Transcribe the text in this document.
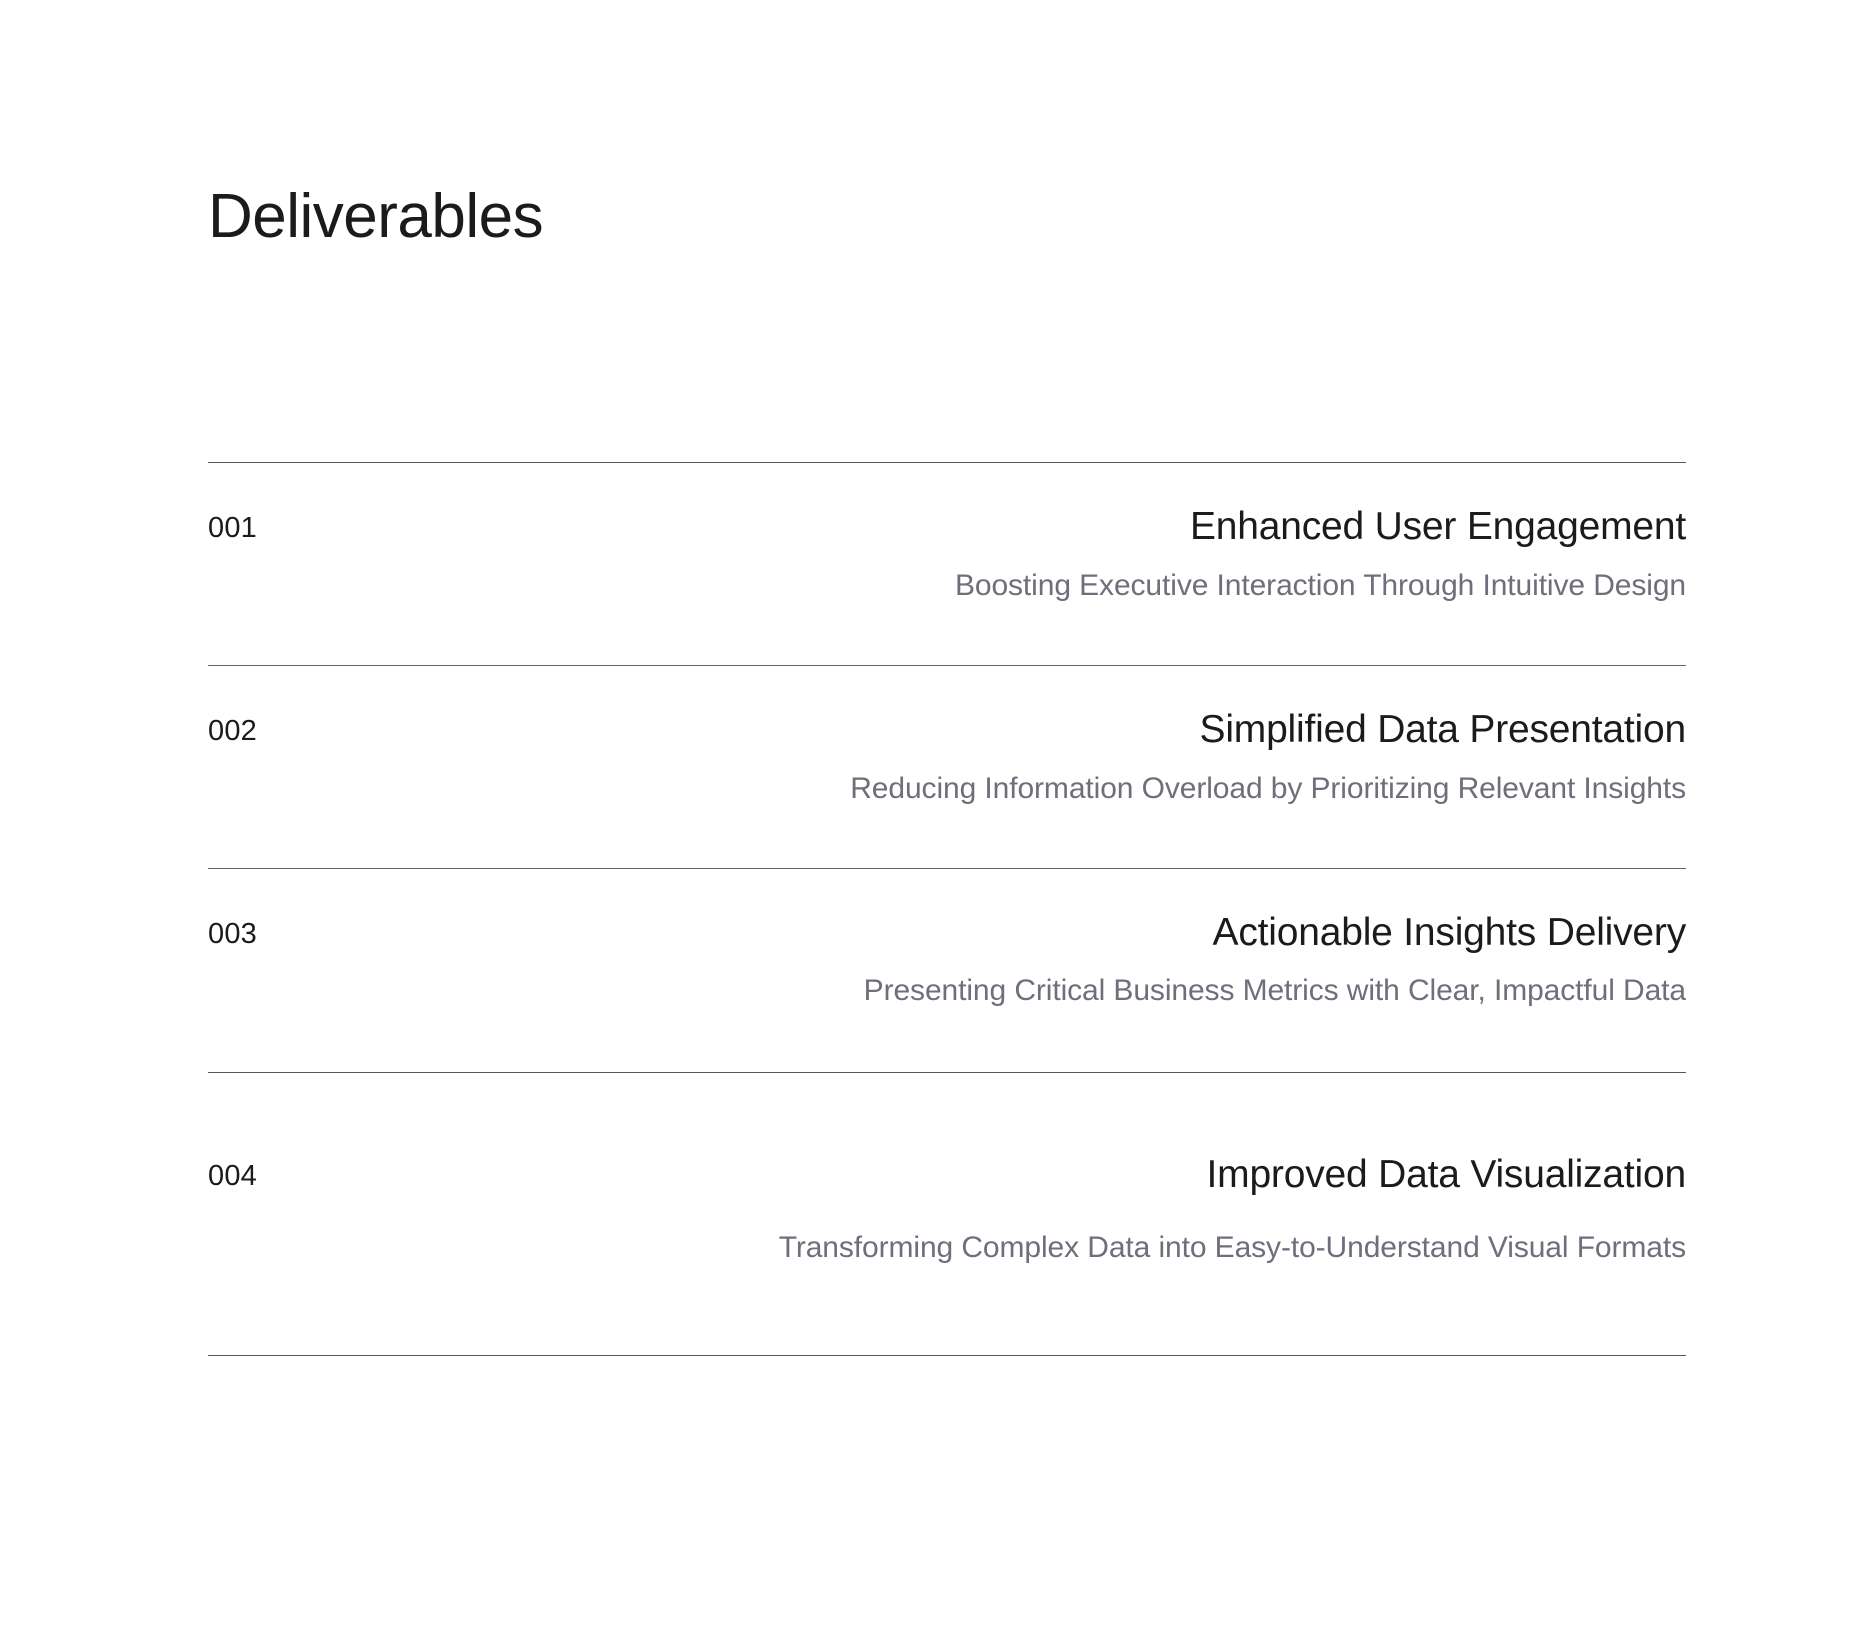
Deliverables
001	Enhanced User Engagement
Boosting Executive Interaction Through Intuitive Design
002	Simplified Data Presentation
Reducing Information Overload by Prioritizing Relevant Insights
003	Actionable Insights Delivery
Presenting Critical Business Metrics with Clear, Impactful Data
004	Improved Data Visualization
Transforming Complex Data into Easy-to-Understand Visual Formats
